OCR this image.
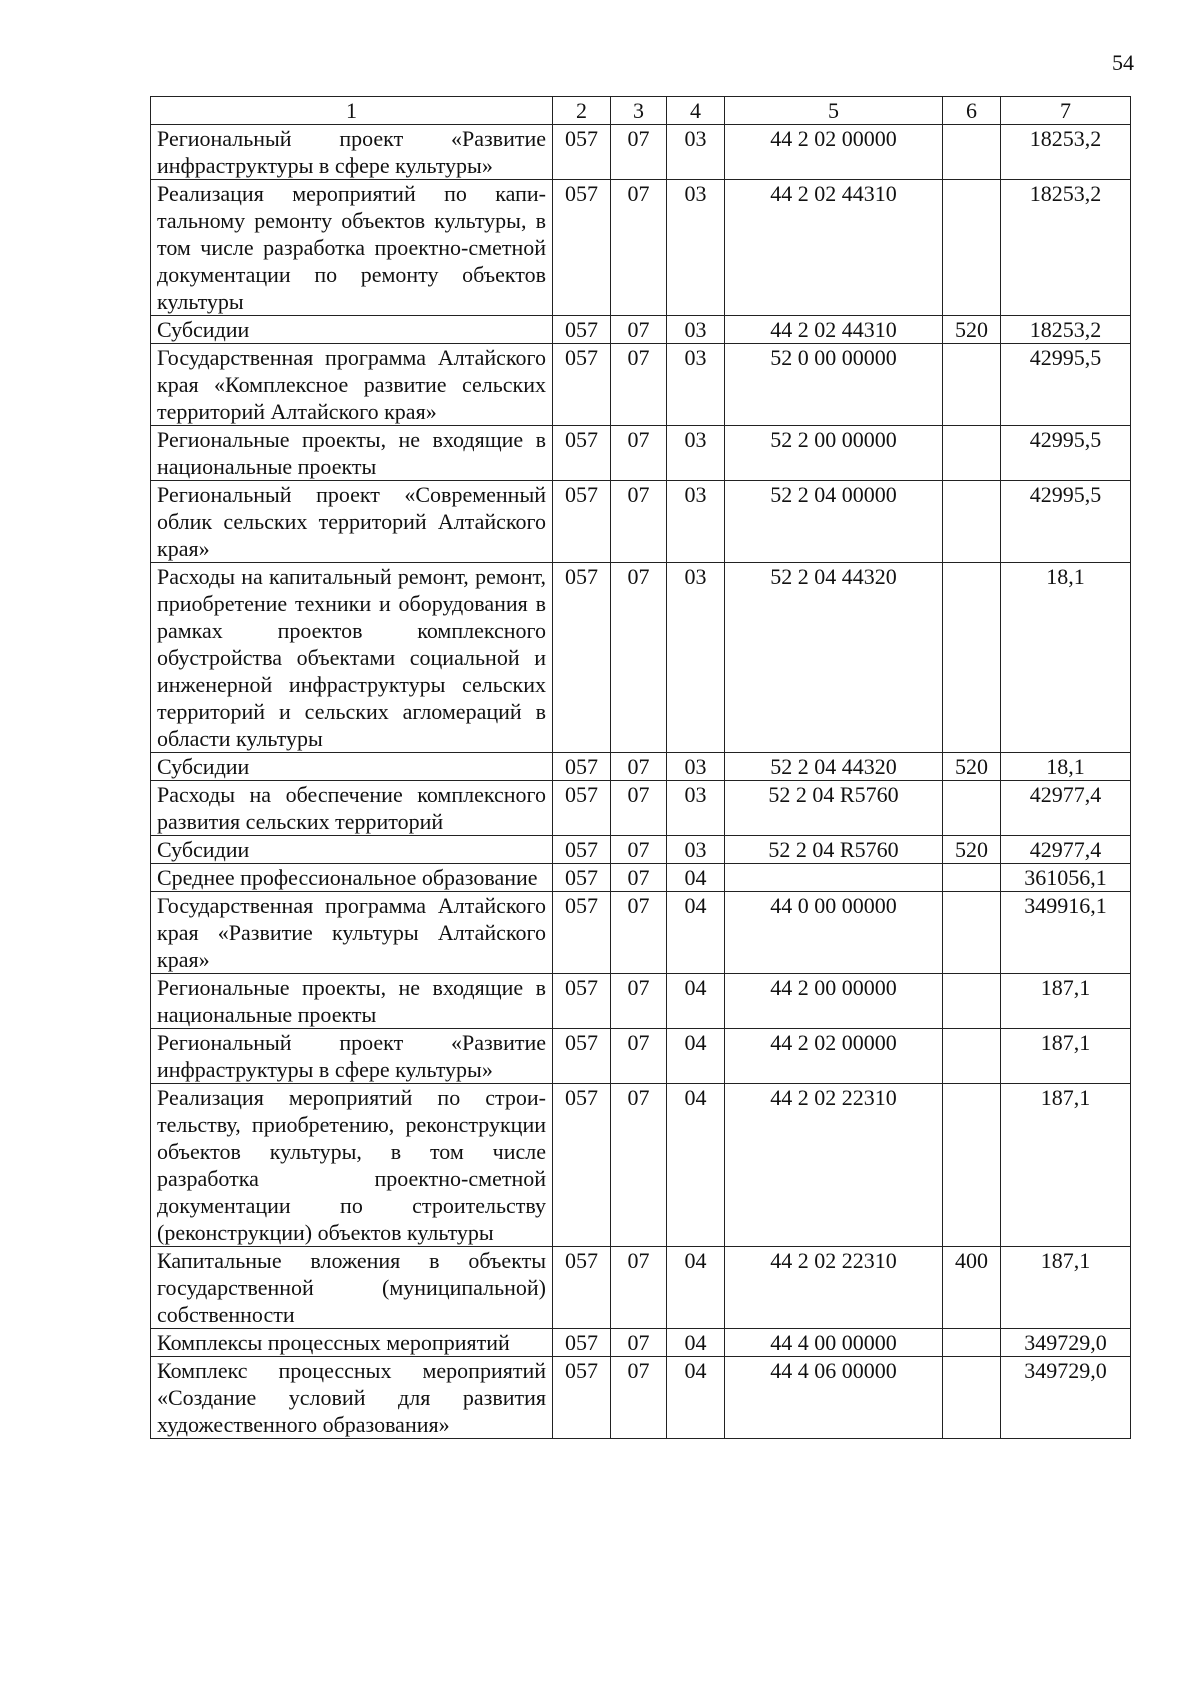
54
1	2	3	4	5	6	7
Региональный проект «Развитие инфраструктуры в сфере культуры»	057	07	03	44 2 02 00000		18253,2
Реализация мероприятий по капитальному ремонту объектов культуры, в том числе разработка проектно-сметной документации по ремонту объектов культуры	057	07	03	44 2 02 44310		18253,2
Субсидии	057	07	03	44 2 02 44310	520	18253,2
Государственная программа Алтайского края «Комплексное развитие сельских территорий Алтайского края»	057	07	03	52 0 00 00000		42995,5
Региональные проекты, не входящие в национальные проекты	057	07	03	52 2 00 00000		42995,5
Региональный проект «Современный облик сельских территорий Алтайского края»	057	07	03	52 2 04 00000		42995,5
Расходы на капитальный ремонт, ремонт, приобретение техники и оборудования в рамках проектов комплексного обустройства объектами социальной и инженерной инфраструктуры сельских территорий и сельских агломераций в области культуры	057	07	03	52 2 04 44320		18,1
Субсидии	057	07	03	52 2 04 44320	520	18,1
Расходы на обеспечение комплексного развития сельских территорий	057	07	03	52 2 04 R5760		42977,4
Субсидии	057	07	03	52 2 04 R5760	520	42977,4
Среднее профессиональное образование	057	07	04			361056,1
Государственная программа Алтайского края «Развитие культуры Алтайского края»	057	07	04	44 0 00 00000		349916,1
Региональные проекты, не входящие в национальные проекты	057	07	04	44 2 00 00000		187,1
Региональный проект «Развитие инфраструктуры в сфере культуры»	057	07	04	44 2 02 00000		187,1
Реализация мероприятий по строительству, приобретению, реконструкции объектов культуры, в том числе разработка проектно-сметной документации по строительству (реконструкции) объектов культуры	057	07	04	44 2 02 22310		187,1
Капитальные вложения в объекты государственной (муниципальной) собственности	057	07	04	44 2 02 22310	400	187,1
Комплексы процессных мероприятий	057	07	04	44 4 00 00000		349729,0
Комплекс процессных мероприятий «Создание условий для развития художественного образования»	057	07	04	44 4 06 00000		349729,0
